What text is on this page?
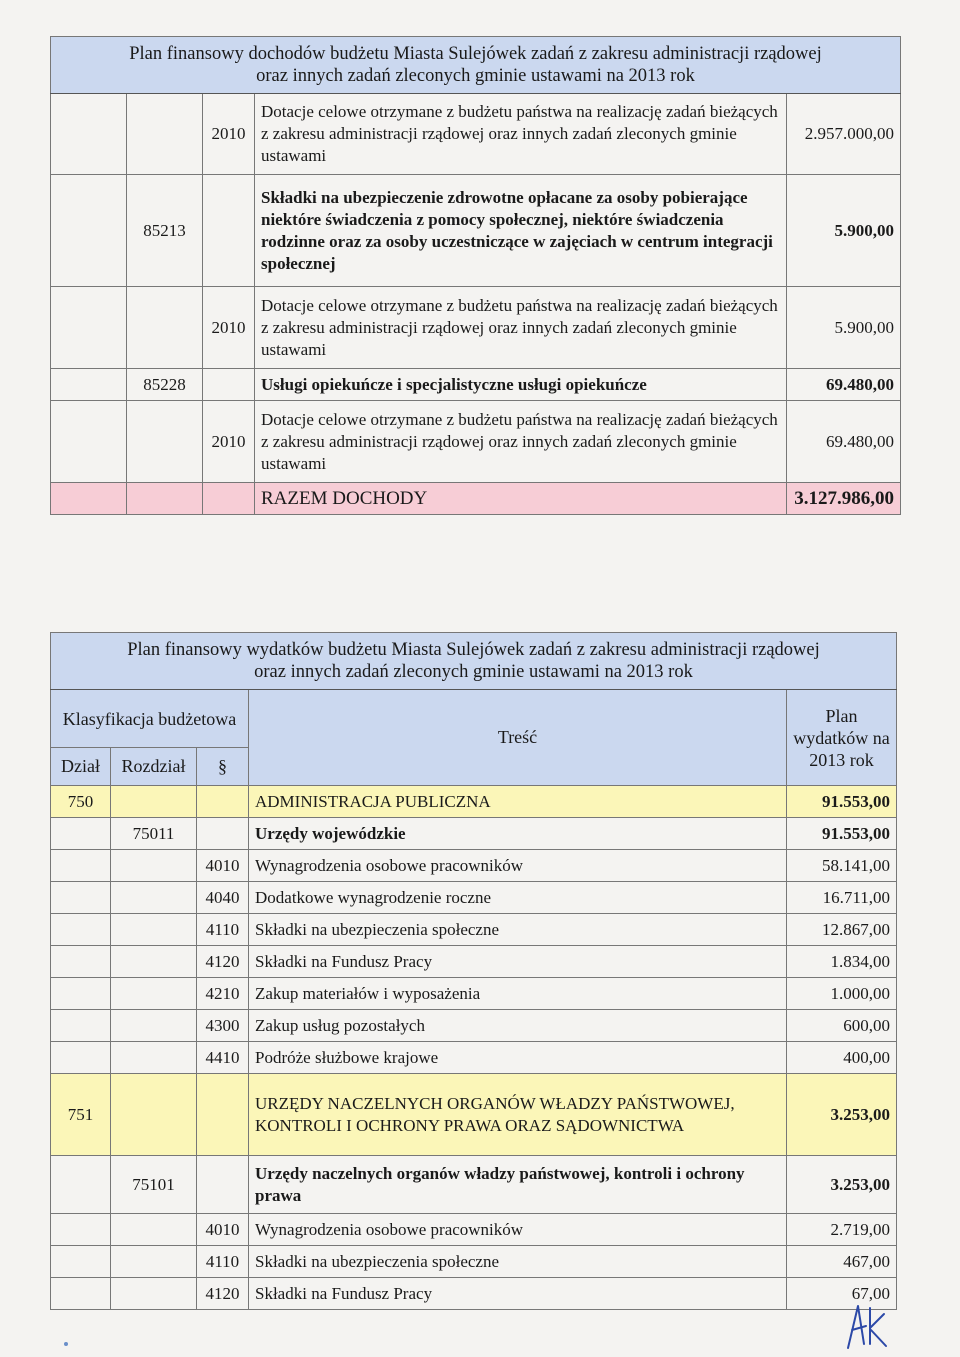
Plan finansowy dochodów budżetu Miasta Sulejówek zadań z zakresu administracji rządowej
oraz innych zadań zleconych gminie ustawami na 2013 rok				

		2010	Dotacje celowe otrzymane z budżetu państwa na realizację zadań bieżących z zakresu administracji rządowej oraz innych zadań zleconych gminie ustawami	2.957.000,00
	85213		Składki na ubezpieczenie zdrowotne opłacane za osoby pobierające niektóre świadczenia z pomocy społecznej, niektóre świadczenia rodzinne oraz za osoby uczestniczące w zajęciach w centrum integracji społecznej	5.900,00
		2010	Dotacje celowe otrzymane z budżetu państwa na realizację zadań bieżących z zakresu administracji rządowej oraz innych zadań zleconych gminie ustawami	5.900,00
	85228		Usługi opiekuńcze i specjalistyczne usługi opiekuńcze	69.480,00
		2010	Dotacje celowe otrzymane z budżetu państwa na realizację zadań bieżących z zakresu administracji rządowej oraz innych zadań zleconych gminie ustawami	69.480,00
			RAZEM DOCHODY	3.127.986,00
Plan finansowy wydatków budżetu Miasta Sulejówek zadań z zakresu administracji rządowej
oraz innych zadań zleconych gminie ustawami na 2013 rok				

Klasyfikacja budżetowa			Treść	Plan wydatków na 2013 rok
Dział	Rozdział	§		
750			ADMINISTRACJA PUBLICZNA	91.553,00
	75011		Urzędy wojewódzkie	91.553,00
		4010	Wynagrodzenia osobowe pracowników	58.141,00
		4040	Dodatkowe wynagrodzenie roczne	16.711,00
		4110	Składki na ubezpieczenia społeczne	12.867,00
		4120	Składki na Fundusz Pracy	1.834,00
		4210	Zakup materiałów i wyposażenia	1.000,00
		4300	Zakup usług pozostałych	600,00
		4410	Podróże służbowe krajowe	400,00
751			URZĘDY NACZELNYCH ORGANÓW WŁADZY PAŃSTWOWEJ, KONTROLI I OCHRONY PRAWA ORAZ SĄDOWNICTWA	3.253,00
	75101		Urzędy naczelnych organów władzy państwowej, kontroli i ochrony prawa	3.253,00
		4010	Wynagrodzenia osobowe pracowników	2.719,00
		4110	Składki na ubezpieczenia społeczne	467,00
		4120	Składki na Fundusz Pracy	67,00
